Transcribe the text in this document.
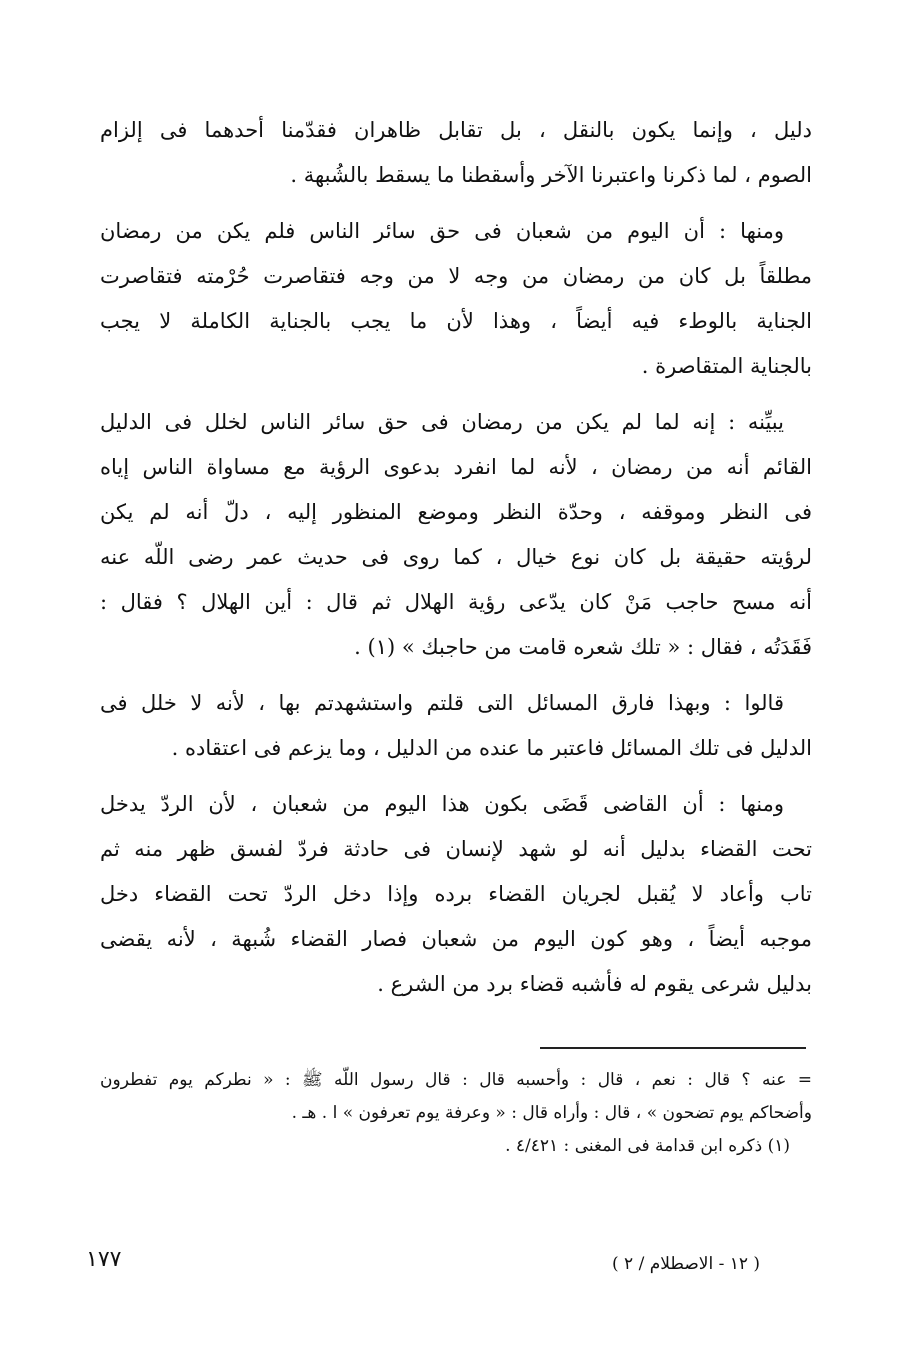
دليل ، وإنما يكون بالنقل ، بل تقابل ظاهران فقدّمنا أحدهما فى إلزام
الصوم ، لما ذكرنا واعتبرنا الآخر وأسقطنا ما يسقط بالشُبهة .
ومنها : أن اليوم من شعبان فى حق سائر الناس فلم يكن من رمضان
مطلقاً بل كان من رمضان من وجه لا من وجه فتقاصرت حُرْمته فتقاصرت
الجناية بالوطء فيه أيضاً ، وهذا لأن ما يجب بالجناية الكاملة لا يجب
بالجناية المتقاصرة .
يبيِّنه : إنه لما لم يكن من رمضان فى حق سائر الناس لخلل فى الدليل
القائم أنه من رمضان ، لأنه لما انفرد بدعوى الرؤية مع مساواة الناس إياه
فى النظر وموقفه ، وحدّة النظر وموضع المنظور إليه ، دلّ أنه لم يكن
لرؤيته حقيقة بل كان نوع خيال ، كما روى فى حديث عمر رضى اللّه عنه
أنه مسح حاجب مَنْ كان يدّعى رؤية الهلال ثم قال : أين الهلال ؟ فقال :
فَقَدَتُه ، فقال : « تلك شعره قامت من حاجبك » (١) .
قالوا : وبهذا فارق المسائل التى قلتم واستشهدتم بها ، لأنه لا خلل فى
الدليل فى تلك المسائل فاعتبر ما عنده من الدليل ، وما يزعم فى اعتقاده .
ومنها : أن القاضى قَضَى بكون هذا اليوم من شعبان ، لأن الردّ يدخل
تحت القضاء بدليل أنه لو شهد لإنسان فى حادثة فردّ لفسق ظهر منه ثم
تاب وأعاد لا يُقبل لجريان القضاء برده وإذا دخل الردّ تحت القضاء دخل
موجبه أيضاً ، وهو كون اليوم من شعبان فصار القضاء شُبهة ، لأنه يقضى
بدليل شرعى يقوم له فأشبه قضاء برد من الشرع .
= عنه ؟ قال : نعم ، قال : وأحسبه قال : قال رسول اللّه ﷺ : « نطركم يوم تفطرون
وأضحاكم يوم تضحون » ، قال : وأراه قال : « وعرفة يوم تعرفون » ا . هـ .
(١) ذكره ابن قدامة فى المغنى : ٤/٤٢١ .
١٧٧	( ١٢ - الاصطلام / ٢ )
